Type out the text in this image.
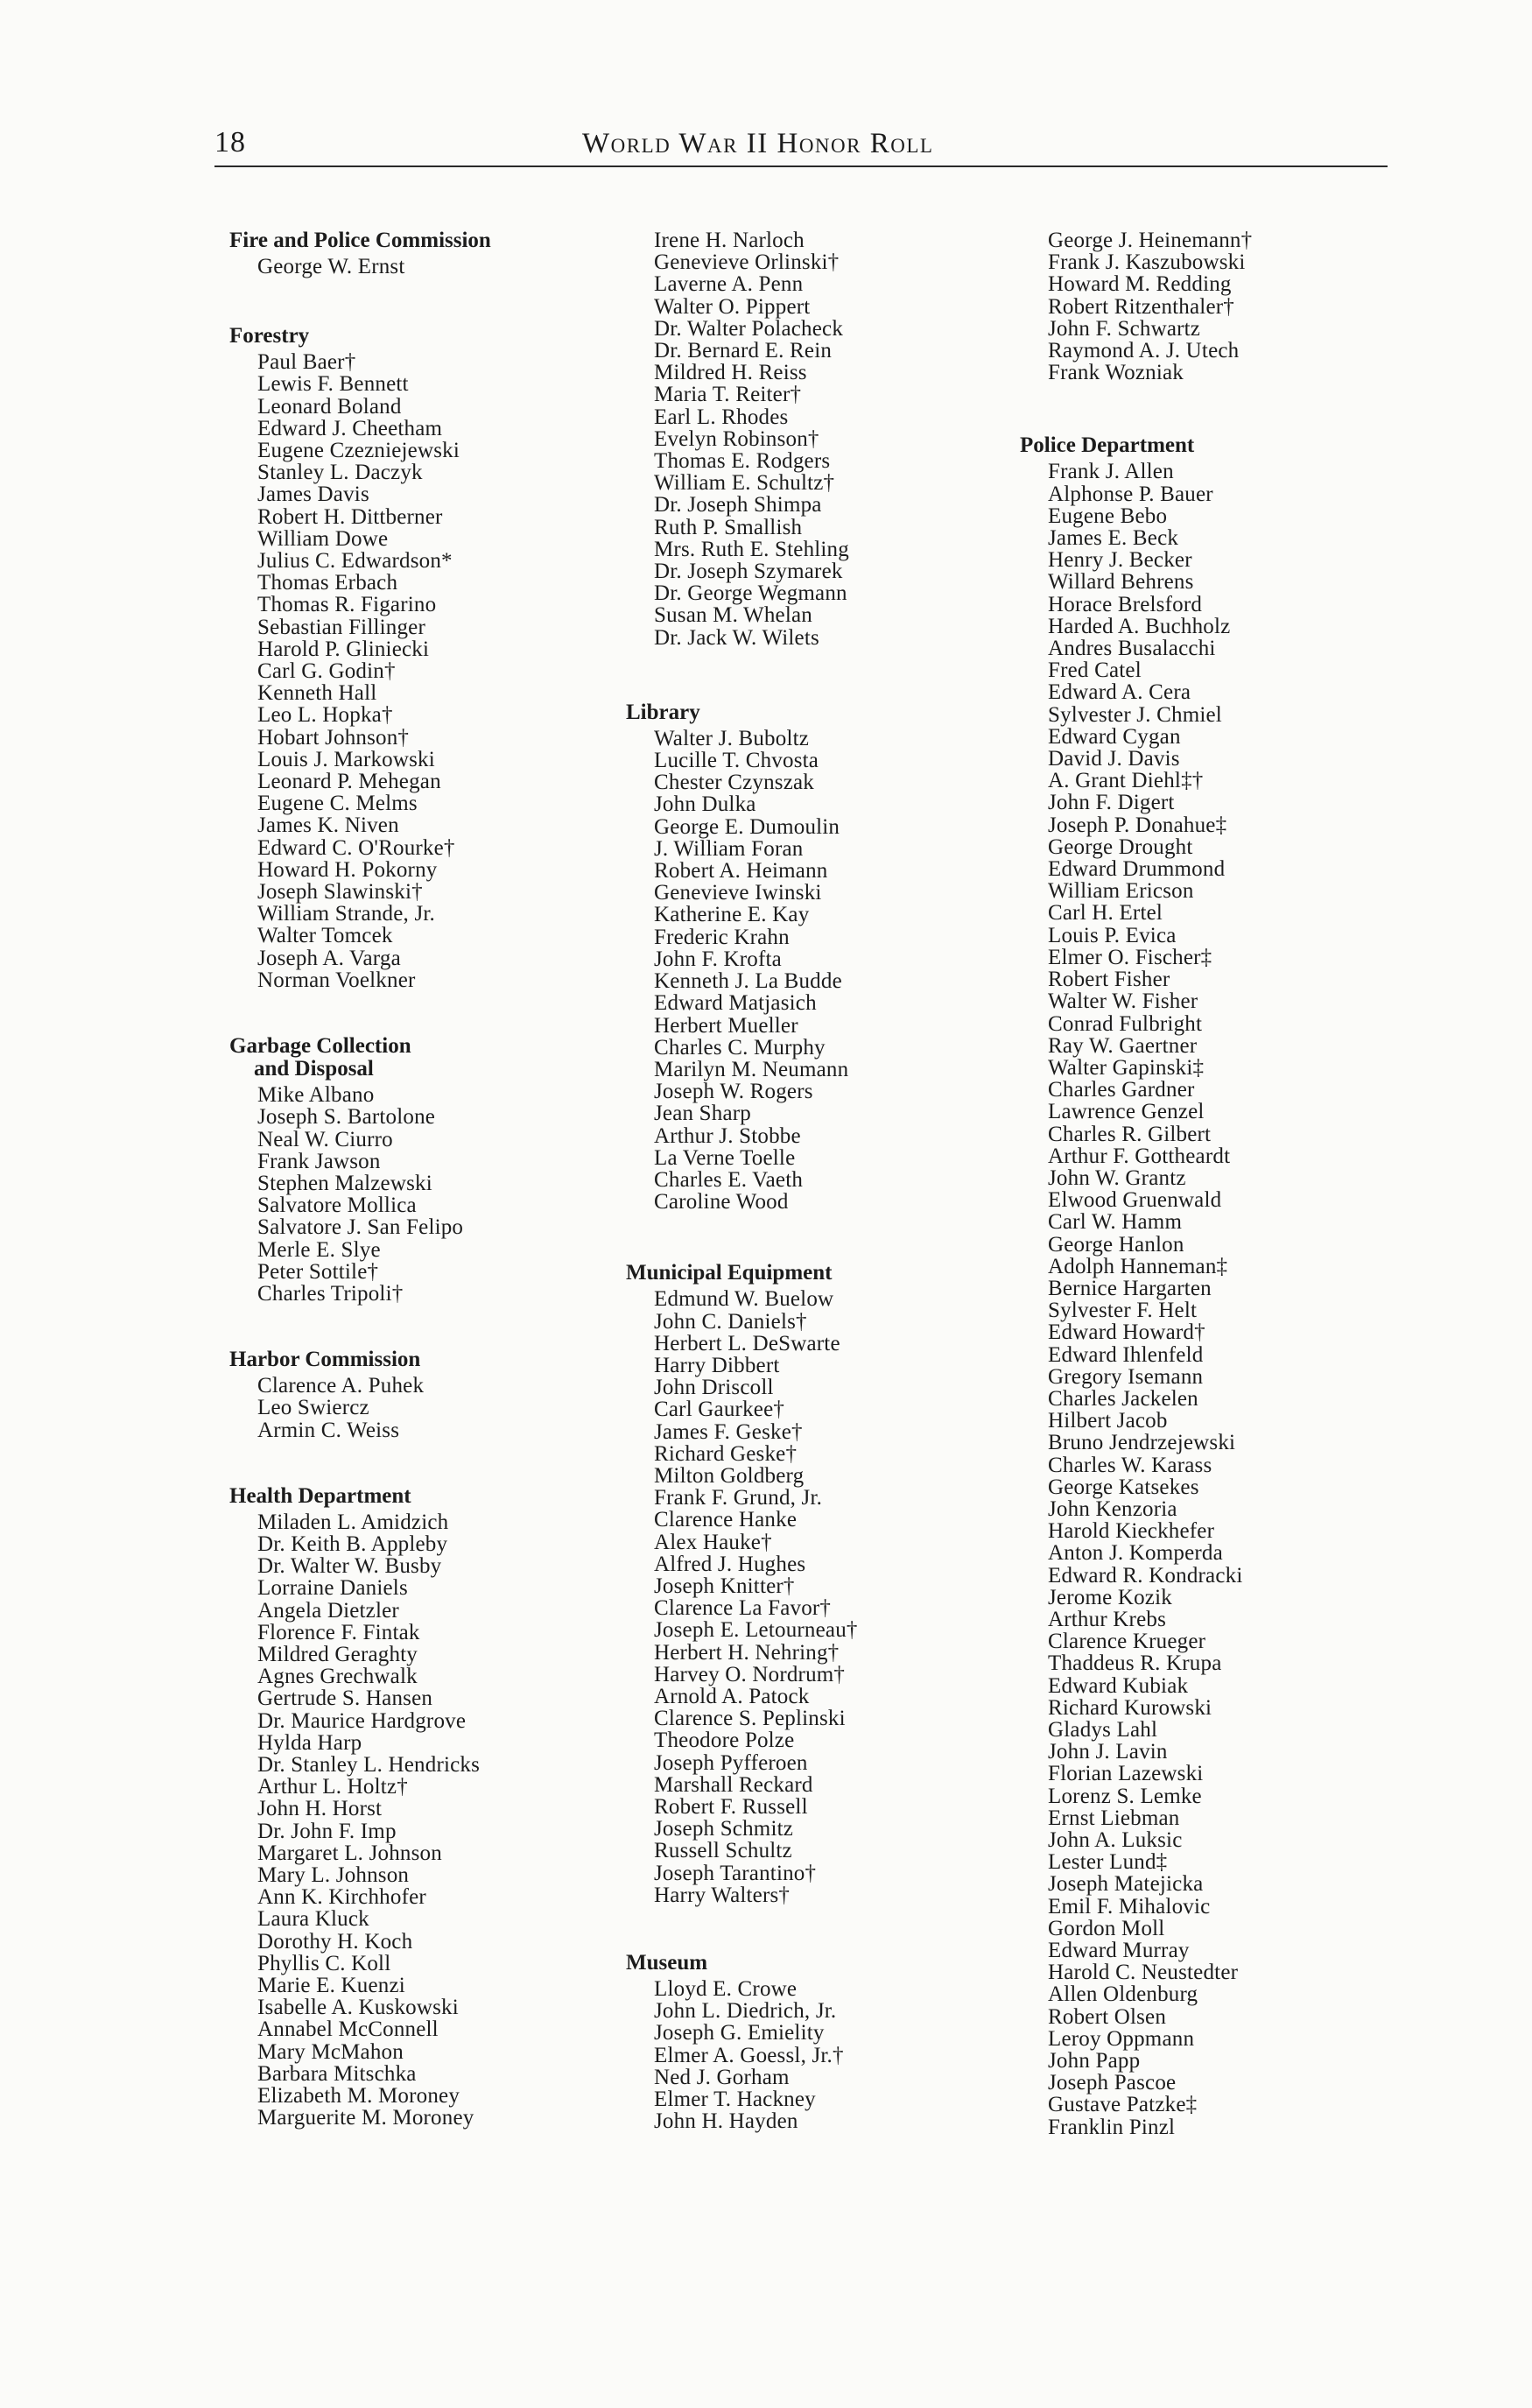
18	World War II Honor Roll
Fire and Police Commission
George W. Ernst
Forestry
Paul Baer†
Lewis F. Bennett
Leonard Boland
Edward J. Cheetham
Eugene Czezniejewski
Stanley L. Daczyk
James Davis
Robert H. Dittberner
William Dowe
Julius C. Edwardson*
Thomas Erbach
Thomas R. Figarino
Sebastian Fillinger
Harold P. Gliniecki
Carl G. Godin†
Kenneth Hall
Leo L. Hopka†
Hobart Johnson†
Louis J. Markowski
Leonard P. Mehegan
Eugene C. Melms
James K. Niven
Edward C. O'Rourke†
Howard H. Pokorny
Joseph Slawinski†
William Strande, Jr.
Walter Tomcek
Joseph A. Varga
Norman Voelkner
Garbage Collection
and Disposal
Mike Albano
Joseph S. Bartolone
Neal W. Ciurro
Frank Jawson
Stephen Malzewski
Salvatore Mollica
Salvatore J. San Felipo
Merle E. Slye
Peter Sottile†
Charles Tripoli†
Harbor Commission
Clarence A. Puhek
Leo Swiercz
Armin C. Weiss
Health Department
Miladen L. Amidzich
Dr. Keith B. Appleby
Dr. Walter W. Busby
Lorraine Daniels
Angela Dietzler
Florence F. Fintak
Mildred Geraghty
Agnes Grechwalk
Gertrude S. Hansen
Dr. Maurice Hardgrove
Hylda Harp
Dr. Stanley L. Hendricks
Arthur L. Holtz†
John H. Horst
Dr. John F. Imp
Margaret L. Johnson
Mary L. Johnson
Ann K. Kirchhofer
Laura Kluck
Dorothy H. Koch
Phyllis C. Koll
Marie E. Kuenzi
Isabelle A. Kuskowski
Annabel McConnell
Mary McMahon
Barbara Mitschka
Elizabeth M. Moroney
Marguerite M. Moroney
Irene H. Narloch
Genevieve Orlinski†
Laverne A. Penn
Walter O. Pippert
Dr. Walter Polacheck
Dr. Bernard E. Rein
Mildred H. Reiss
Maria T. Reiter†
Earl L. Rhodes
Evelyn Robinson†
Thomas E. Rodgers
William E. Schultz†
Dr. Joseph Shimpa
Ruth P. Smallish
Mrs. Ruth E. Stehling
Dr. Joseph Szymarek
Dr. George Wegmann
Susan M. Whelan
Dr. Jack W. Wilets
Library
Walter J. Buboltz
Lucille T. Chvosta
Chester Czynszak
John Dulka
George E. Dumoulin
J. William Foran
Robert A. Heimann
Genevieve Iwinski
Katherine E. Kay
Frederic Krahn
John F. Krofta
Kenneth J. La Budde
Edward Matjasich
Herbert Mueller
Charles C. Murphy
Marilyn M. Neumann
Joseph W. Rogers
Jean Sharp
Arthur J. Stobbe
La Verne Toelle
Charles E. Vaeth
Caroline Wood
Municipal Equipment
Edmund W. Buelow
John C. Daniels†
Herbert L. DeSwarte
Harry Dibbert
John Driscoll
Carl Gaurkee†
James F. Geske†
Richard Geske†
Milton Goldberg
Frank F. Grund, Jr.
Clarence Hanke
Alex Hauke†
Alfred J. Hughes
Joseph Knitter†
Clarence La Favor†
Joseph E. Letourneau†
Herbert H. Nehring†
Harvey O. Nordrum†
Arnold A. Patock
Clarence S. Peplinski
Theodore Polze
Joseph Pyfferoen
Marshall Reckard
Robert F. Russell
Joseph Schmitz
Russell Schultz
Joseph Tarantino†
Harry Walters†
Museum
Lloyd E. Crowe
John L. Diedrich, Jr.
Joseph G. Emielity
Elmer A. Goessl, Jr.†
Ned J. Gorham
Elmer T. Hackney
John H. Hayden
George J. Heinemann†
Frank J. Kaszubowski
Howard M. Redding
Robert Ritzenthaler†
John F. Schwartz
Raymond A. J. Utech
Frank Wozniak
Police Department
Frank J. Allen
Alphonse P. Bauer
Eugene Bebo
James E. Beck
Henry J. Becker
Willard Behrens
Horace Brelsford
Harded A. Buchholz
Andres Busalacchi
Fred Catel
Edward A. Cera
Sylvester J. Chmiel
Edward Cygan
David J. Davis
A. Grant Diehl‡†
John F. Digert
Joseph P. Donahue‡
George Drought
Edward Drummond
William Ericson
Carl H. Ertel
Louis P. Evica
Elmer O. Fischer‡
Robert Fisher
Walter W. Fisher
Conrad Fulbright
Ray W. Gaertner
Walter Gapinski‡
Charles Gardner
Lawrence Genzel
Charles R. Gilbert
Arthur F. Gottheardt
John W. Grantz
Elwood Gruenwald
Carl W. Hamm
George Hanlon
Adolph Hanneman‡
Bernice Hargarten
Sylvester F. Helt
Edward Howard†
Edward Ihlenfeld
Gregory Isemann
Charles Jackelen
Hilbert Jacob
Bruno Jendrzejewski
Charles W. Karass
George Katsekes
John Kenzoria
Harold Kieckhefer
Anton J. Komperda
Edward R. Kondracki
Jerome Kozik
Arthur Krebs
Clarence Krueger
Thaddeus R. Krupa
Edward Kubiak
Richard Kurowski
Gladys Lahl
John J. Lavin
Florian Lazewski
Lorenz S. Lemke
Ernst Liebman
John A. Luksic
Lester Lund‡
Joseph Matejicka
Emil F. Mihalovic
Gordon Moll
Edward Murray
Harold C. Neustedter
Allen Oldenburg
Robert Olsen
Leroy Oppmann
John Papp
Joseph Pascoe
Gustave Patzke‡
Franklin Pinzl
